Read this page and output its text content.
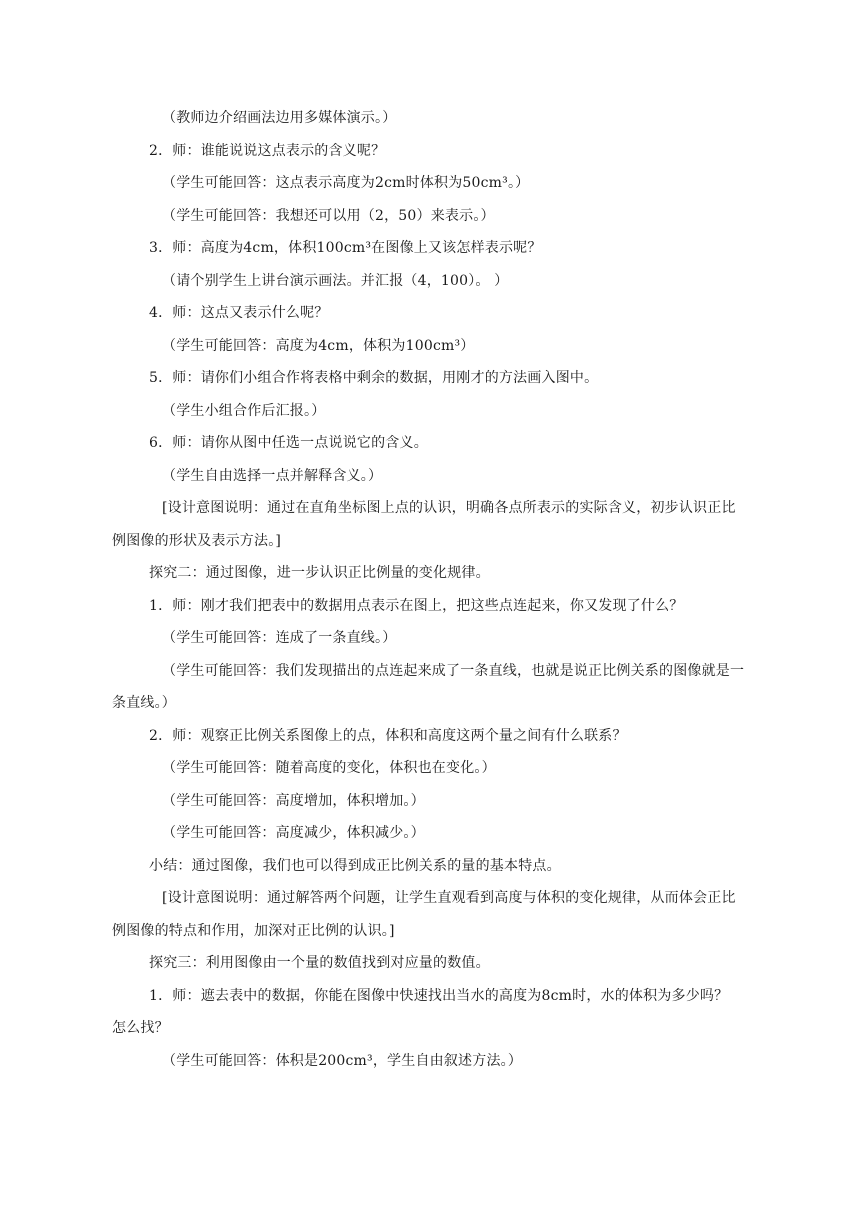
（教师边介绍画法边用多媒体演示。）
2．师：谁能说说这点表示的含义呢？
（学生可能回答：这点表示高度为2cm时体积为50cm³。）
（学生可能回答：我想还可以用（2，50）来表示。）
3．师：高度为4cm，体积100cm³在图像上又该怎样表示呢？
（请个别学生上讲台演示画法。并汇报（4，100）。 ）
4．师：这点又表示什么呢？
（学生可能回答：高度为4cm，体积为100cm³）
5．师：请你们小组合作将表格中剩余的数据，用刚才的方法画入图中。
（学生小组合作后汇报。）
6．师：请你从图中任选一点说说它的含义。
（学生自由选择一点并解释含义。）
[设计意图说明：通过在直角坐标图上点的认识，明确各点所表示的实际含义，初步认识正比
例图像的形状及表示方法。]
探究二：通过图像，进一步认识正比例量的变化规律。
1．师：刚才我们把表中的数据用点表示在图上，把这些点连起来，你又发现了什么？
（学生可能回答：连成了一条直线。）
（学生可能回答：我们发现描出的点连起来成了一条直线，也就是说正比例关系的图像就是一
条直线。）
2．师：观察正比例关系图像上的点，体积和高度这两个量之间有什么联系？
（学生可能回答：随着高度的变化，体积也在变化。）
（学生可能回答：高度增加，体积增加。）
（学生可能回答：高度减少，体积减少。）
小结：通过图像，我们也可以得到成正比例关系的量的基本特点。
[设计意图说明：通过解答两个问题，让学生直观看到高度与体积的变化规律，从而体会正比
例图像的特点和作用，加深对正比例的认识。]
探究三：利用图像由一个量的数值找到对应量的数值。
1．师：遮去表中的数据，你能在图像中快速找出当水的高度为8cm时，水的体积为多少吗？
怎么找？
（学生可能回答：体积是200cm³，学生自由叙述方法。）
